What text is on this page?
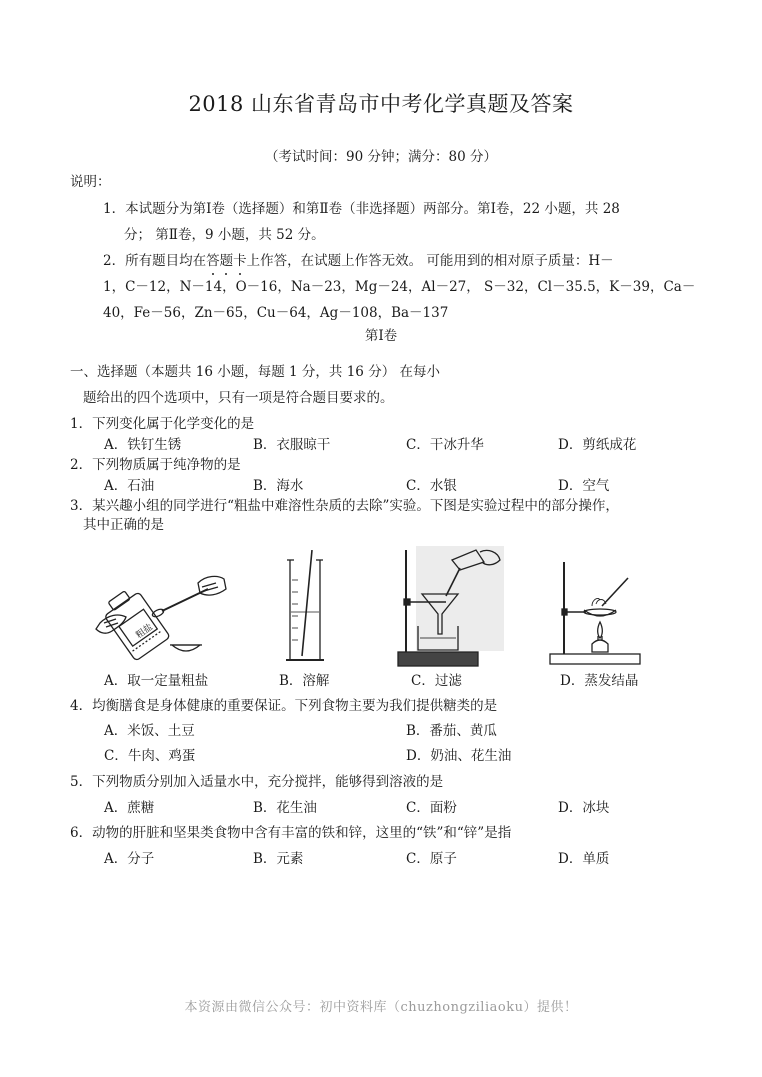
2018 山东省青岛市中考化学真题及答案
（考试时间：90 分钟；满分：80 分）
说明：
1．本试题分为第Ⅰ卷（选择题）和第Ⅱ卷（非选择题）两部分。第Ⅰ卷，22 小题，共 28
分； 第Ⅱ卷，9 小题，共 52 分。
2．所有题目均在答题卡
上作答，在试题上作答无效。 可能用到的相对原子质量：H－
1，C－12，N－14，O－16，Na－23，Mg－24，Al－27， S－32，Cl－35.5，K－39，Ca－
40，Fe－56，Zn－65，Cu－64，Ag－108，Ba－137
第Ⅰ卷
一、选择题（本题共 16 小题，每题 1 分，共 16 分） 在每小
题给出的四个选项中，只有一项是符合题目要求的。
1．下列变化属于化学变化的是
A．铁钉生锈	B．衣服晾干	C．干冰升华	D．剪纸成花
2．下列物质属于纯净物的是
A．石油	B．海水	C．水银	D．空气
3．某兴趣小组的同学进行“粗盐中难溶性杂质的去除”实验。下图是实验过程中的部分操作，
其中正确的是
粗盐
A．取一定量粗盐	B．溶解	C．过滤	D．蒸发结晶
4．均衡膳食是身体健康的重要保证。下列食物主要为我们提供糖类的是
A．米饭、土豆	B．番茄、黄瓜
C．牛肉、鸡蛋	D．奶油、花生油
5．下列物质分别加入适量水中，充分搅拌，能够得到溶液的是
A．蔗糖	B．花生油	C．面粉	D．冰块
6．动物的肝脏和坚果类食物中含有丰富的铁和锌，这里的“铁”和“锌”是指
A．分子	B．元素	C．原子	D．单质
本资源由微信公众号：初中资料库（chuzhongziliaoku）提供！
